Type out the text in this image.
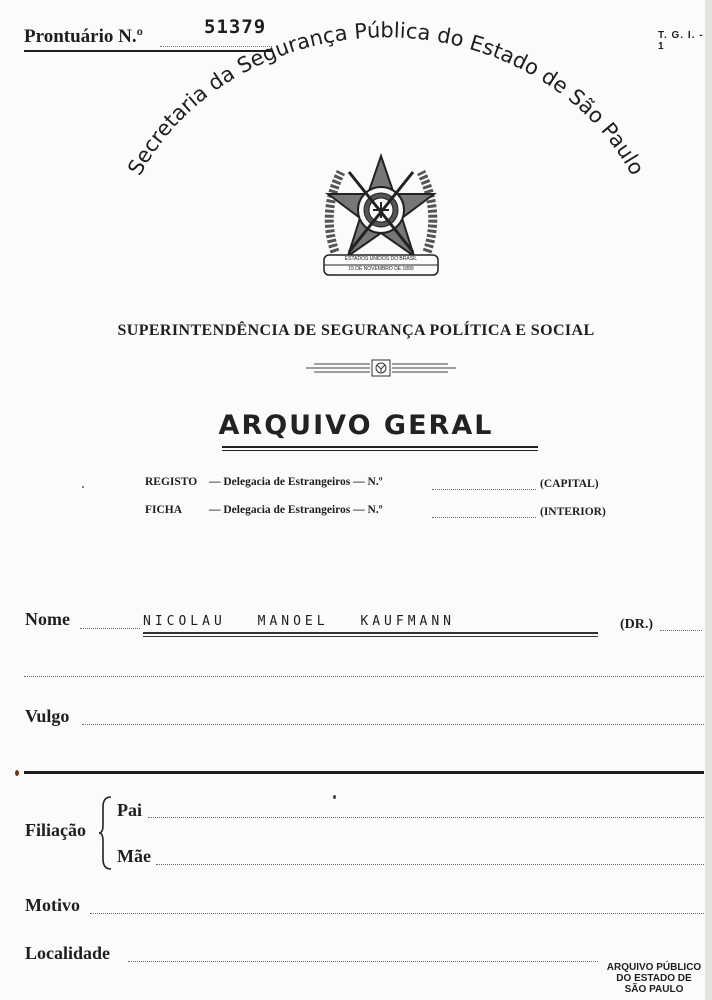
Prontuário N.º	51379	T. G. I. - 1
Secretaria da Segurança Pública do Estado de São Paulo
ESTADOS UNIDOS DO BRASIL
15 DE NOVEMBRO DE 1889
SUPERINTENDÊNCIA DE SEGURANÇA POLÍTICA E SOCIAL
ARQUIVO GERAL
REGISTO — Delegacia de Estrangeiros — N.º	(CAPITAL)
FICHA — Delegacia de Estrangeiros — N.º	(INTERIOR)
Nome	NICOLAU MANOEL KAUFMANN	(DR.)
Vulgo
Filiação
Pai
Mãe
Motivo
Localidade
ARQUIVO PÚBLICO
DO ESTADO DE
SÃO PAULO
